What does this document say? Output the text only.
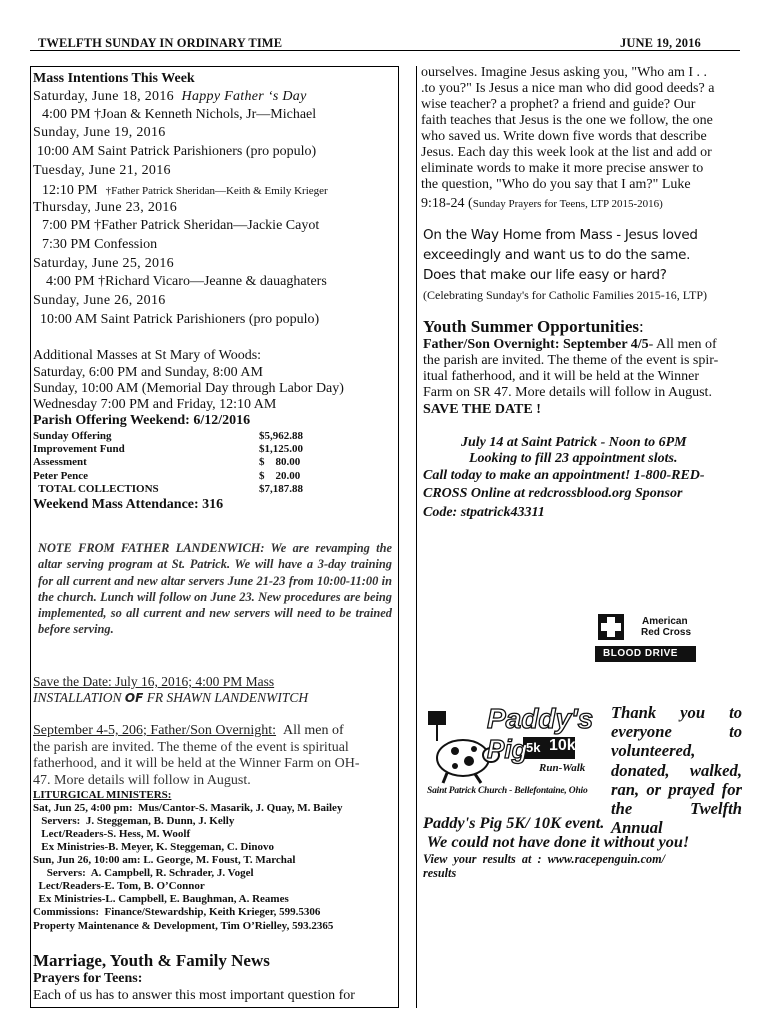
TWELFTH SUNDAY IN ORDINARY TIME	JUNE 19, 2016
Mass Intentions This Week
Saturday, June 18, 2016 Happy Father ‘s Day
4:00 PM †Joan & Kenneth Nichols, Jr—Michael
Sunday, June 19, 2016
10:00 AM Saint Patrick Parishioners (pro populo)
Tuesday, June 21, 2016
12:10 PM †Father Patrick Sheridan—Keith & Emily Krieger
Thursday, June 23, 2016
7:00 PM †Father Patrick Sheridan—Jackie Cayot
7:30 PM Confession
Saturday, June 25, 2016
4:00 PM †Richard Vicaro—Jeanne & dauaghaters
Sunday, June 26, 2016
10:00 AM Saint Patrick Parishioners (pro populo)
Additional Masses at St Mary of Woods:
Saturday, 6:00 PM and Sunday, 8:00 AM
Sunday, 10:00 AM (Memorial Day through Labor Day)
Wednesday 7:00 PM and Friday, 12:10 AM
Parish Offering Weekend: 6/12/2016
Sunday Offering	$5,962.88
Improvement Fund	$1,125.00
Assessment	$    80.00
Peter Pence	$    20.00
TOTAL COLLECTIONS	$7,187.88
Weekend Mass Attendance: 316
NOTE FROM FATHER LANDENWICH: We are revamping the altar serving program at St. Patrick. We will have a 3-day training for all current and new altar servers June 21-23 from 10:00-11:00 in the church. Lunch will follow on June 23. New procedures are being implemented, so all current and new servers will need to be trained before serving.
Save the Date: July 16, 2016; 4:00 PM Mass
INSTALLATION OF FR SHAWN LANDENWITCH
September 4-5, 206; Father/Son Overnight: All men of
the parish are invited. The theme of the event is spiritual
fatherhood, and it will be held at the Winner Farm on OH-
47. More details will follow in August.
LITURGICAL MINISTERS:
Sat, Jun 25, 4:00 pm:  Mus/Cantor-S. Masarik, J. Quay, M. Bailey
Servers:  J. Steggeman, B. Dunn, J. Kelly
Lect/Readers-S. Hess, M. Woolf
Ex Ministries-B. Meyer, K. Steggeman, C. Dinovo
Sun, Jun 26, 10:00 am: L. George, M. Foust, T. Marchal
Servers:  A. Campbell, R. Schrader, J. Vogel
Lect/Readers-E. Tom, B. O’Connor
Ex Ministries-L. Campbell, E. Baughman, A. Reames
Commissions:  Finance/Stewardship, Keith Krieger, 599.5306
Property Maintenance & Development, Tim O’Rielley, 593.2365
Marriage, Youth & Family News
Prayers for Teens:
Each of us has to answer this most important question for
ourselves. Imagine Jesus asking you, "Who am I . .
.to you?" Is Jesus a nice man who did good deeds? a
wise teacher? a prophet? a friend and guide? Our
faith teaches that Jesus is the one we follow, the one
who saved us. Write down five words that describe
Jesus. Each day this week look at the list and add or
eliminate words to make it more precise answer to
the question, "Who do you say that I am?" Luke
9:18-24 (Sunday Prayers for Teens, LTP 2015-2016)
On the Way Home from Mass - Jesus loved
exceedingly and want us to do the same.
Does that make our life easy or hard?
(Celebrating Sunday's for Catholic Families 2015-16, LTP)
Youth Summer Opportunities:
Father/Son Overnight: September 4/5- All men of
the parish are invited. The theme of the event is spir-
itual fatherhood, and it will be held at the Winner
Farm on SR 47. More details will follow in August.
SAVE THE DATE !
July 14 at Saint Patrick - Noon to 6PM
Looking to fill 23 appointment slots.
Call today to make an appointment! 1-800-RED-
CROSS Online at redcrossblood.org Sponsor
Code: stpatrick43311
American
Red Cross
BLOOD DRIVE
Paddy's
Pig
5k 10k
Run-Walk
Saint Patrick Church - Bellefontaine, Ohio
Thank you to everyone to volunteered, donated, walked, ran, or prayed for the Twelfth Annual
Paddy's Pig 5K/ 10K event.
We could not have done it without you!
View  your  results  at  :  www.racepenguin.com/
results
